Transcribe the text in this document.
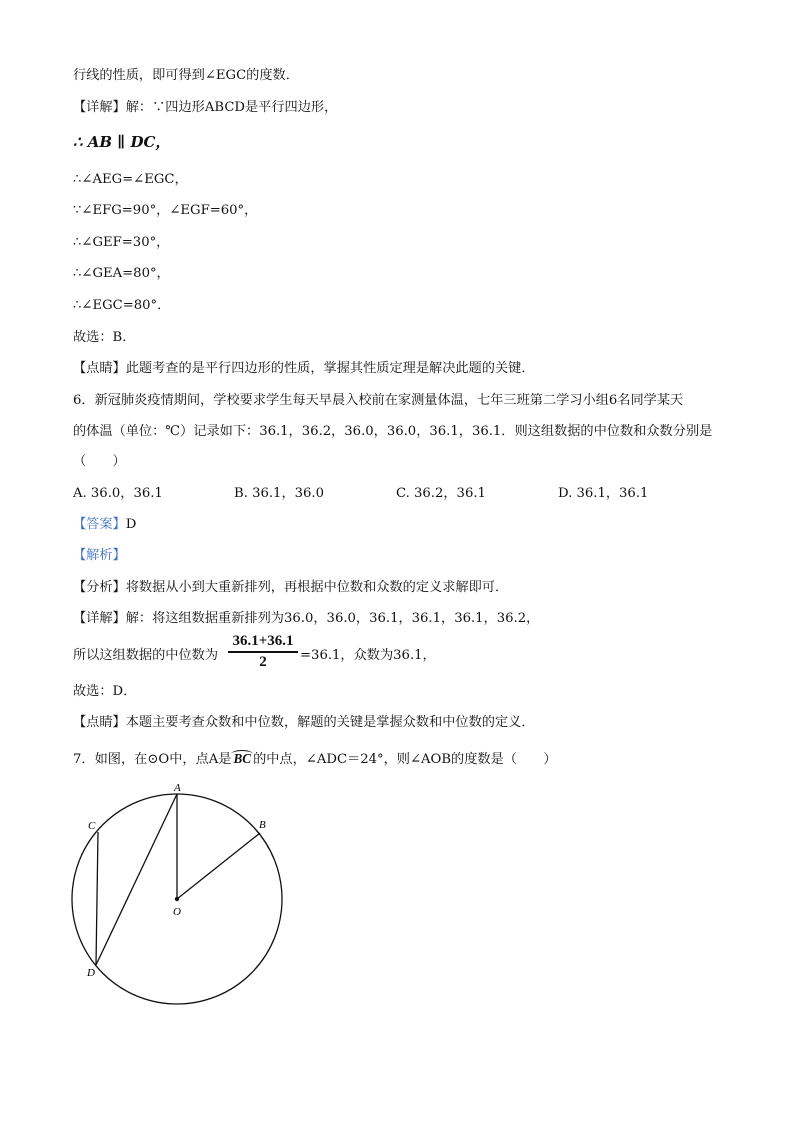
行线的性质，即可得到∠EGC的度数．
【详解】解：∵四边形ABCD是平行四边形，
∴ AB ∥ DC，
∴∠AEG=∠EGC，
∵∠EFG=90°，∠EGF=60°，
∴∠GEF=30°，
∴∠GEA=80°，
∴∠EGC=80°．
故选：B．
【点睛】此题考查的是平行四边形的性质，掌握其性质定理是解决此题的关键．
6．新冠肺炎疫情期间，学校要求学生每天早晨入校前在家测量体温，七年三班第二学习小组6名同学某天
的体温（单位：℃）记录如下：36.1，36.2，36.0，36.0，36.1，36.1．则这组数据的中位数和众数分别是
（　　）
A. 36.0，36.1	B. 36.1，36.0	C. 36.2，36.1	D. 36.1，36.1
【答案】D
【解析】
【分析】将数据从小到大重新排列，再根据中位数和众数的定义求解即可．
【详解】解：将这组数据重新排列为36.0，36.0，36.1，36.1，36.1，36.2，
所以这组数据的中位数为
36.1+36.1
2	=36.1，众数为36.1，
故选：D．
【点睛】本题主要考查众数和中位数，解题的关键是掌握众数和中位数的定义．
7．如图，在⊙O中，点A是 BC 的中点，∠ADC＝24°，则∠AOB的度数是（　　）
A
B
C
D
O
